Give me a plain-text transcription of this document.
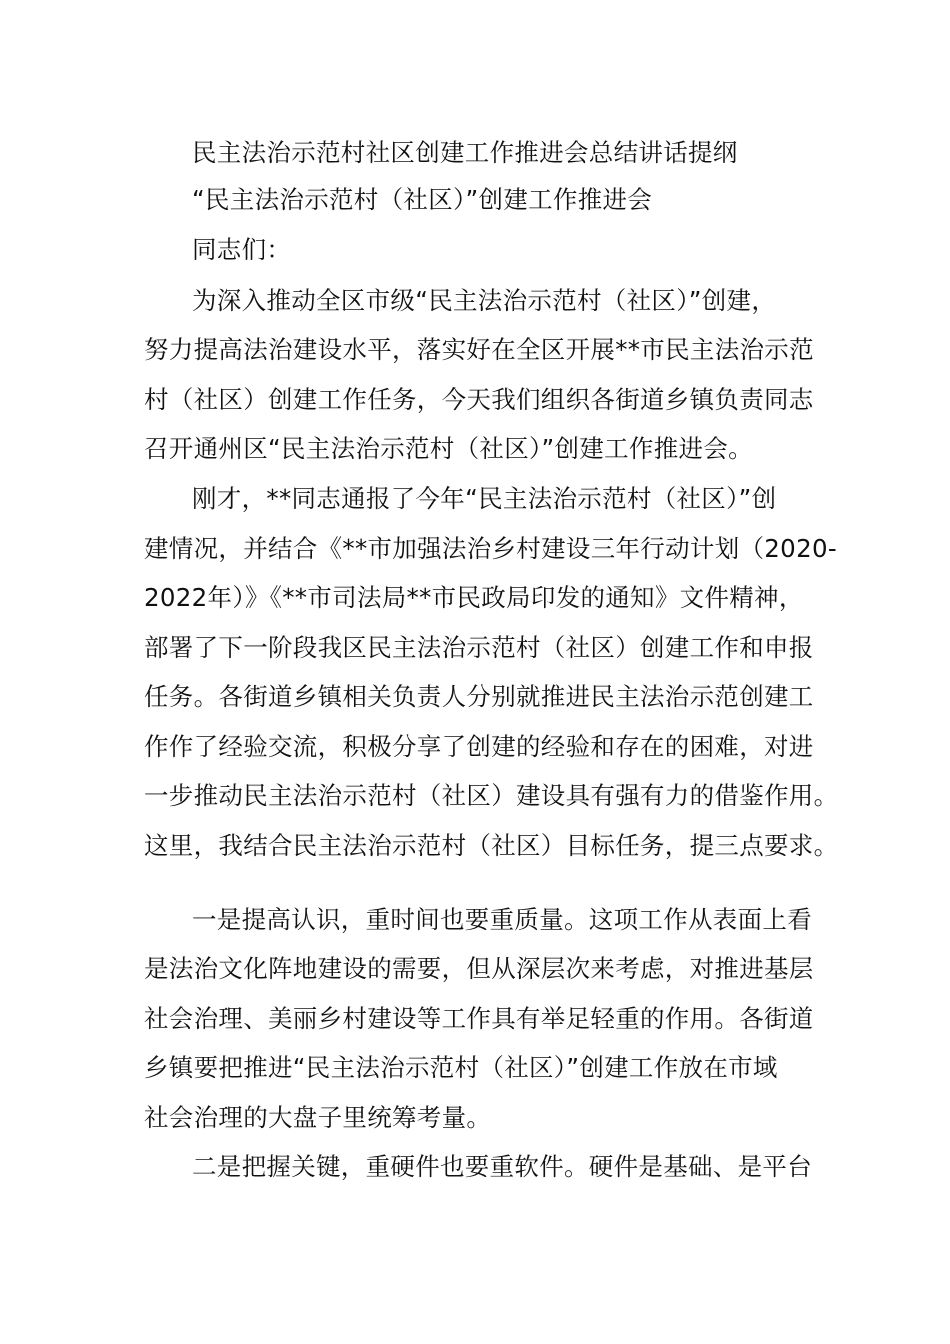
民主法治示范村社区创建工作推进会总结讲话提纲
“民主法治示范村（社区）”创建工作推进会
同志们：
为深入推动全区市级“民主法治示范村（社区）”创建，
努力提高法治建设水平，落实好在全区开展**市民主法治示范
村（社区）创建工作任务，今天我们组织各街道乡镇负责同志
召开通州区“民主法治示范村（社区）”创建工作推进会。
刚才，**同志通报了今年“民主法治示范村（社区）”创
建情况，并结合《**市加强法治乡村建设三年行动计划（2020-
2022年）》《**市司法局**市民政局印发的通知》文件精神，
部署了下一阶段我区民主法治示范村（社区）创建工作和申报
任务。各街道乡镇相关负责人分别就推进民主法治示范创建工
作作了经验交流，积极分享了创建的经验和存在的困难，对进
一步推动民主法治示范村（社区）建设具有强有力的借鉴作用。
这里，我结合民主法治示范村（社区）目标任务，提三点要求。
一是提高认识，重时间也要重质量。这项工作从表面上看
是法治文化阵地建设的需要，但从深层次来考虑，对推进基层
社会治理、美丽乡村建设等工作具有举足轻重的作用。各街道
乡镇要把推进“民主法治示范村（社区）”创建工作放在市域
社会治理的大盘子里统筹考量。
二是把握关键，重硬件也要重软件。硬件是基础、是平台
